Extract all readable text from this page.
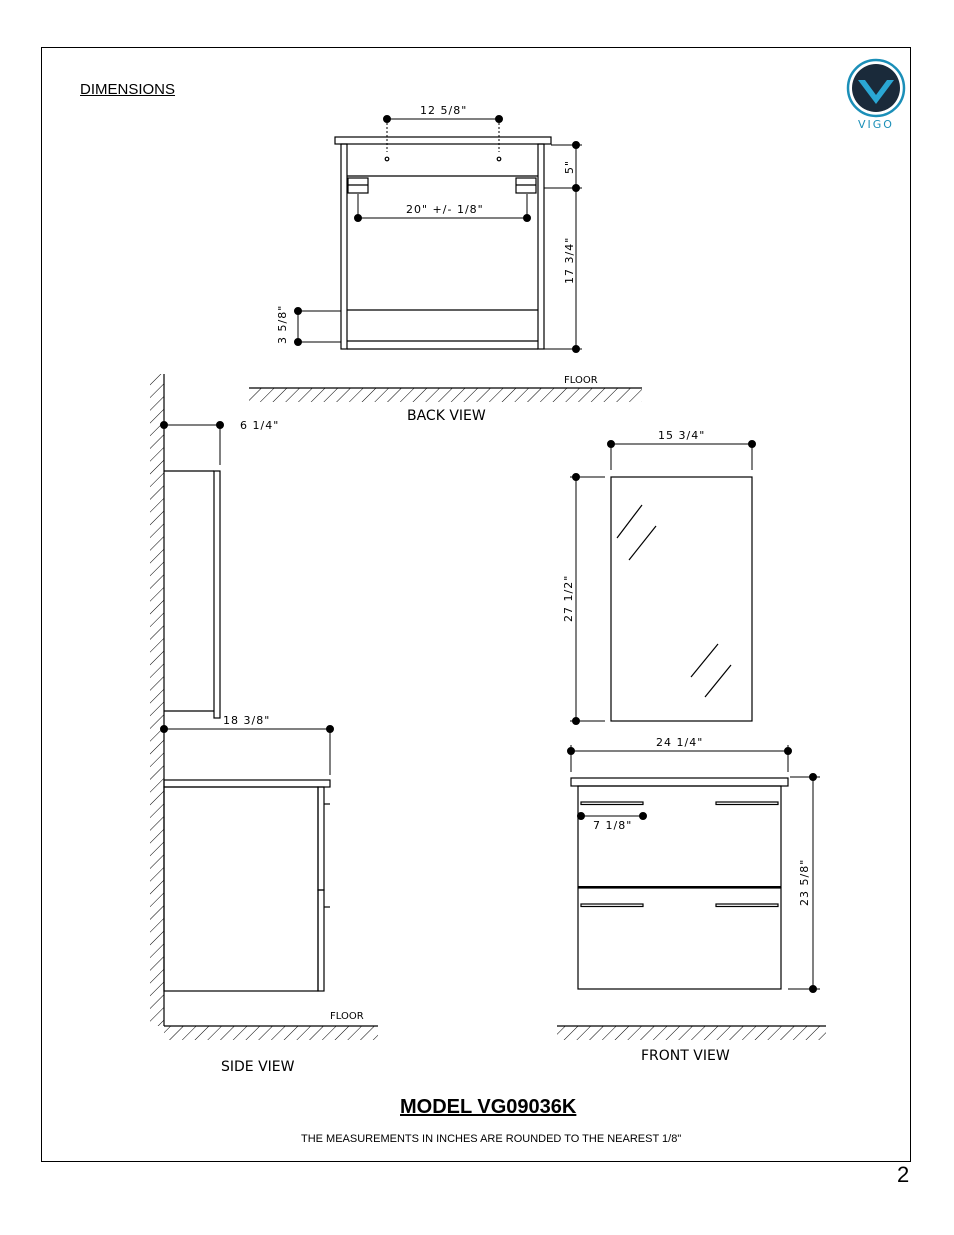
DIMENSIONS
VIGO
FLOOR
12 5/8"
20" +/- 1/8"
5"
17 3/4"
3 5/8"
BACK VIEW
FLOOR
6 1/4"
18 3/8"
SIDE VIEW
15 3/4"
27 1/2"
24 1/4"
7 1/8"
23 5/8"
FRONT VIEW
MODEL VG09036K
THE MEASUREMENTS IN INCHES ARE ROUNDED TO THE NEAREST 1/8"
2
